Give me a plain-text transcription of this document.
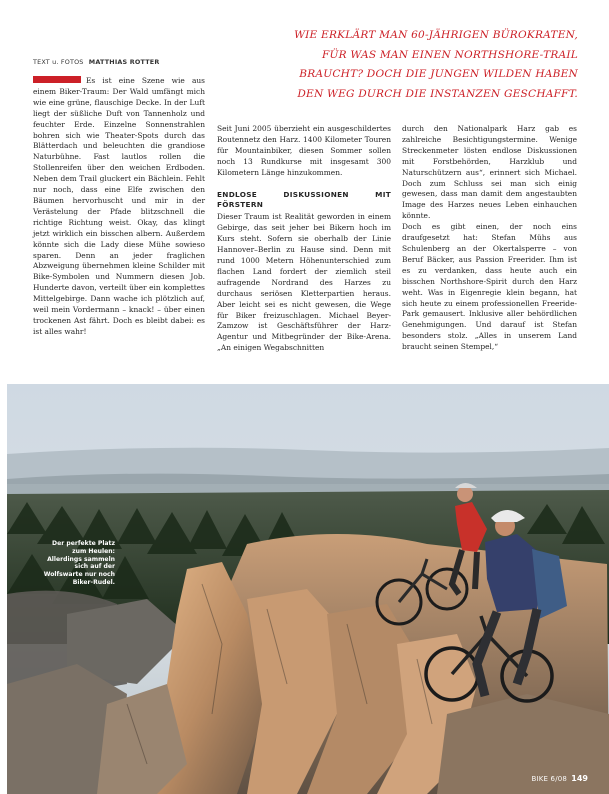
WIE ERKLÄRT MAN 60-JÄHRIGEN BÜROKRATEN,
FÜR WAS MAN EINEN NORTHSHORE-TRAIL
BRAUCHT? DOCH DIE JUNGEN WILDEN HABEN
DEN WEG DURCH DIE INSTANZEN GESCHAFFT.
TEXT u. FOTOS MATTHIAS ROTTER

Es ist eine Szene wie aus einem Biker-Traum: Der Wald umfängt mich wie eine grüne, flauschige Decke. In der Luft liegt der süßliche Duft von Tannenholz und feuchter Erde. Einzelne Sonnenstrahlen bohren sich wie Theater-Spots durch das Blätterdach und beleuchten die grandiose Naturbühne. Fast lautlos rollen die Stollenreifen über den weichen Erdboden. Neben dem Trail gluckert ein Bächlein. Fehlt nur noch, dass eine Elfe zwischen den Bäumen hervorhuscht und mir in der Verästelung der Pfade blitzschnell die richtige Richtung weist. Okay, das klingt jetzt wirklich ein bisschen albern. Außerdem könnte sich die Lady diese Mühe sowieso sparen. Denn an jeder fraglichen Abzweigung übernehmen kleine Schilder mit Bike-Symbolen und Nummern diesen Job. Hunderte davon, verteilt über ein komplettes Mittelgebirge. Dann wache ich plötzlich auf, weil mein Vordermann – knack! – über einen trockenen Ast fährt. Doch es bleibt dabei: es ist alles wahr!

Seit Juni 2005 überzieht ein ausgeschildertes Routennetz den Harz. 1400 Kilometer Touren für Mountainbiker, diesen Sommer sollen noch 13 Rundkurse mit insgesamt 300 Kilometern Länge hinzukommen.

ENDLOSE DISKUSSIONEN MIT FÖRSTERN

Dieser Traum ist Realität geworden in einem Gebirge, das seit jeher bei Bikern hoch im Kurs steht. Sofern sie oberhalb der Linie Hannover–Berlin zu Hause sind. Denn mit rund 1000 Metern Höhenunterschied zum flachen Land fordert der ziemlich steil aufragende Nordrand des Harzes zu durchaus seriösen Kletterpartien heraus. Aber leicht sei es nicht gewesen, die Wege für Biker freizuschlagen. Michael Beyer-Zamzow ist Geschäftsführer der Harz-Agentur und Mitbegründer der Bike-Arena. „An einigen Wegabschnitten

durch den Nationalpark Harz gab es zahlreiche Besichtigungstermine. Wenige Streckenmeter lösten endlose Diskussionen mit Forstbehörden, Harzklub und Naturschützern aus“, erinnert sich Michael. Doch zum Schluss sei man sich einig gewesen, dass man damit dem angestaubten Image des Harzes neues Leben einhauchen könnte.

Doch es gibt einen, der noch eins draufgesetzt hat: Stefan Mühs aus Schulenberg an der Okertalsperre – von Beruf Bäcker, aus Passion Freerider. Ihm ist es zu verdanken, dass heute auch ein bisschen Northshore-Spirit durch den Harz weht. Was in Eigenregie klein begann, hat sich heute zu einem professionellen Freeride-Park gemausert. Inklusive aller behördlichen Genehmigungen. Und darauf ist Stefan besonders stolz. „Alles in unserem Land braucht seinen Stempel,“

Der perfekte Platz zum Heulen: Allerdings sammeln sich auf der Wolfswarte nur noch Biker-Rudel.
BIKE 6/08 149
